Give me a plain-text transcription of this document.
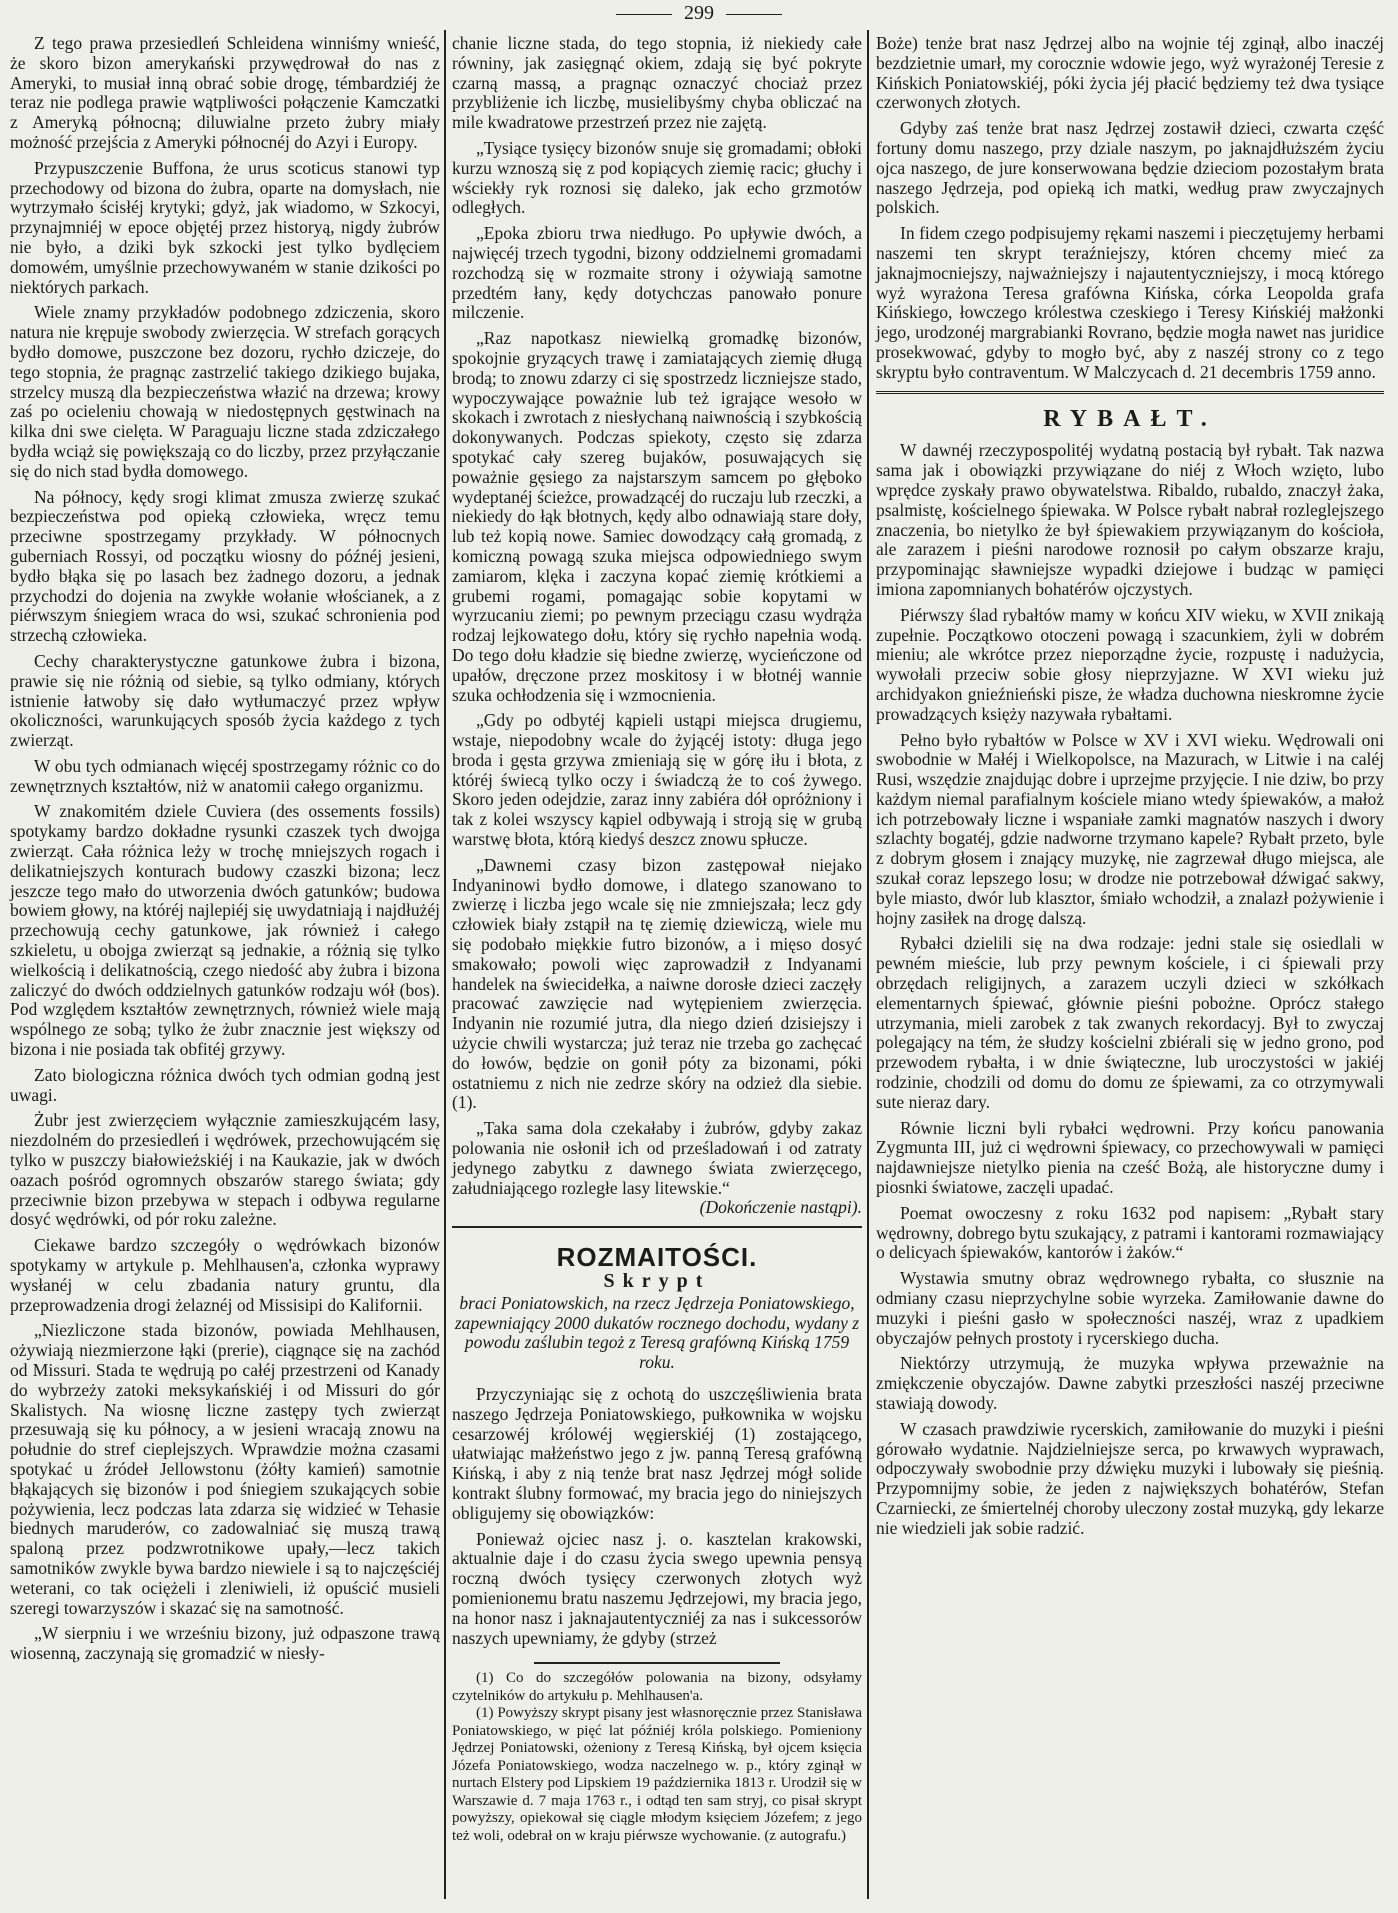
299

Z tego prawa przesiedleń Schleidena winniśmy wnieść, że skoro bizon amerykański przywędrował do nas z Ameryki, to musiał inną obrać sobie drogę, témbardziéj że teraz nie podlega prawie wątpliwości połączenie Kamczatki z Ameryką północną; diluwialne przeto żubry miały możność przejścia z Ameryki północnéj do Azyi i Europy.

Przypuszczenie Buffona, że urus scoticus stanowi typ przechodowy od bizona do żubra, oparte na domysłach, nie wytrzymało ścisłéj krytyki; gdyż, jak wiadomo, w Szkocyi, przynajmniéj w epoce objętéj przez historyą, nigdy żubrów nie było, a dziki byk szkocki jest tylko bydlęciem domowém, umyślnie przechowywaném w stanie dzikości po niektórych parkach.

Wiele znamy przykładów podobnego zdziczenia, skoro natura nie krępuje swobody zwierzęcia. W strefach gorących bydło domowe, puszczone bez dozoru, rychło dziczeje, do tego stopnia, że pragnąc zastrzelić takiego dzikiego bujaka, strzelcy muszą dla bezpieczeństwa włazić na drzewa; krowy zaś po ocieleniu chowają w niedostępnych gęstwinach na kilka dni swe cielęta. W Paraguaju liczne stada zdziczałego bydła wciąż się powiększają co do liczby, przez przyłączanie się do nich stad bydła domowego.

Na północy, kędy srogi klimat zmusza zwierzę szukać bezpieczeństwa pod opieką człowieka, wręcz temu przeciwne spostrzegamy przykłady. W północnych guberniach Rossyi, od początku wiosny do późnéj jesieni, bydło błąka się po lasach bez żadnego dozoru, a jednak przychodzi do dojenia na zwykłe wołanie włościanek, a z piérwszym śniegiem wraca do wsi, szukać schronienia pod strzechą człowieka.

Cechy charakterystyczne gatunkowe żubra i bizona, prawie się nie różnią od siebie, są tylko odmiany, których istnienie łatwoby się dało wytłumaczyć przez wpływ okoliczności, warunkujących sposób życia każdego z tych zwierząt.

W obu tych odmianach więcéj spostrzegamy różnic co do zewnętrznych kształtów, niż w anatomii całego organizmu.

W znakomitém dziele Cuviera (des ossements fossils) spotykamy bardzo dokładne rysunki czaszek tych dwojga zwierząt. Cała różnica leży w trochę mniejszych rogach i delikatniejszych konturach budowy czaszki bizona; lecz jeszcze tego mało do utworzenia dwóch gatunków; budowa bowiem głowy, na któréj najlepiéj się uwydatniają i najdłużéj przechowują cechy gatunkowe, jak również i całego szkieletu, u obojga zwierząt są jednakie, a różnią się tylko wielkością i delikatnością, czego niedość aby żubra i bizona zaliczyć do dwóch oddzielnych gatunków rodzaju wół (bos). Pod względem kształtów zewnętrznych, również wiele mają wspólnego ze sobą; tylko że żubr znacznie jest większy od bizona i nie posiada tak obfitéj grzywy.

Zato biologiczna różnica dwóch tych odmian godną jest uwagi.

Żubr jest zwierzęciem wyłącznie zamieszkującém lasy, niezdolném do przesiedleń i wędrówek, przechowującém się tylko w puszczy białowieżskiéj i na Kaukazie, jak w dwóch oazach pośród ogromnych obszarów starego świata; gdy przeciwnie bizon przebywa w stepach i odbywa regularne dosyć wędrówki, od pór roku zależne.

Ciekawe bardzo szczegóły o wędrówkach bizonów spotykamy w artykule p. Mehlhausen'a, członka wyprawy wysłanéj w celu zbadania natury gruntu, dla przeprowadzenia drogi żelaznéj od Missisipi do Kalifornii.

„Niezliczone stada bizonów, powiada Mehlhausen, ożywiają niezmierzone łąki (prerie), ciągnące się na zachód od Missuri. Stada te wędrują po całéj przestrzeni od Kanady do wybrzeży zatoki meksykańskiéj i od Missuri do gór Skalistych. Na wiosnę liczne zastępy tych zwierząt przesuwają się ku północy, a w jesieni wracają znowu na południe do stref cieplejszych. Wprawdzie można czasami spotykać u źródeł Jellowstonu (żółty kamień) samotnie błąkających się bizonów i pod śniegiem szukających sobie pożywienia, lecz podczas lata zdarza się widzieć w Tehasie biednych maruderów, co zadowalniać się muszą trawą spaloną przez podzwrotnikowe upały,—lecz takich samotników zwykle bywa bardzo niewiele i są to najczęściéj weterani, co tak ociężeli i zleniwieli, iż opuścić musieli szeregi towarzyszów i skazać się na samotność.

„W sierpniu i we wrześniu bizony, już odpaszone trawą wiosenną, zaczynają się gromadzić w niesły-

chanie liczne stada, do tego stopnia, iż niekiedy całe równiny, jak zasięgnąć okiem, zdają się być pokryte czarną massą, a pragnąc oznaczyć chociaż przez przybliżenie ich liczbę, musielibyśmy chyba obliczać na mile kwadratowe przestrzeń przez nie zajętą.

„Tysiące tysięcy bizonów snuje się gromadami; obłoki kurzu wznoszą się z pod kopiących ziemię racic; głuchy i wściekły ryk roznosi się daleko, jak echo grzmotów odległych.

„Epoka zbioru trwa niedługo. Po upływie dwóch, a najwięcéj trzech tygodni, bizony oddzielnemi gromadami rozchodzą się w rozmaite strony i ożywiają samotne przedtém łany, kędy dotychczas panowało ponure milczenie.

„Raz napotkasz niewielką gromadkę bizonów, spokojnie gryzących trawę i zamiatających ziemię długą brodą; to znowu zdarzy ci się spostrzedz liczniejsze stado, wypoczywające poważnie lub też igrające wesoło w skokach i zwrotach z niesłychaną naiwnością i szybkością dokonywanych. Podczas spiekoty, często się zdarza spotykać cały szereg bujaków, posuwających się poważnie gęsiego za najstarszym samcem po głęboko wydeptanéj ścieżce, prowadzącéj do ruczaju lub rzeczki, a niekiedy do łąk błotnych, kędy albo odnawiają stare doły, lub też kopią nowe. Samiec dowodzący całą gromadą, z komiczną powagą szuka miejsca odpowiedniego swym zamiarom, klęka i zaczyna kopać ziemię krótkiemi a grubemi rogami, pomagając sobie kopytami w wyrzucaniu ziemi; po pewnym przeciągu czasu wydrąża rodzaj lejkowatego dołu, który się rychło napełnia wodą. Do tego dołu kładzie się biedne zwierzę, wycieńczone od upałów, dręczone przez moskitosy i w błotnéj wannie szuka ochłodzenia się i wzmocnienia.

„Gdy po odbytéj kąpieli ustąpi miejsca drugiemu, wstaje, niepodobny wcale do żyjącéj istoty: długa jego broda i gęsta grzywa zmieniają się w górę iłu i błota, z któréj świecą tylko oczy i świadczą że to coś żywego. Skoro jeden odejdzie, zaraz inny zabiéra dół opróżniony i tak z kolei wszyscy kąpiel odbywają i stroją się w grubą warstwę błota, którą kiedyś deszcz znowu spłucze.

„Dawnemi czasy bizon zastępował niejako Indyaninowi bydło domowe, i dlatego szanowano to zwierzę i liczba jego wcale się nie zmniejszała; lecz gdy człowiek biały zstąpił na tę ziemię dziewiczą, wiele mu się podobało miękkie futro bizonów, a i mięso dosyć smakowało; powoli więc zaprowadził z Indyanami handelek na świecidełka, a naiwne dorosłe dzieci zaczęły pracować zawzięcie nad wytępieniem zwierzęcia. Indyanin nie rozumié jutra, dla niego dzień dzisiejszy i użycie chwili wystarcza; już teraz nie trzeba go zachęcać do łowów, będzie on gonił póty za bizonami, póki ostatniemu z nich nie zedrze skóry na odzież dla siebie. (1).

„Taka sama dola czekałaby i żubrów, gdyby zakaz polowania nie osłonił ich od prześladowań i od zatraty jedynego zabytku z dawnego świata zwierzęcego, załudniającego rozległe lasy litewskie.“

(Dokończenie nastąpi).
ROZMAITOŚCI.
Skrypt
braci Poniatowskich, na rzecz Jędrzeja Poniatowskiego, zapewniający 2000 dukatów rocznego dochodu, wydany z powodu zaślubin tegoż z Teresą grafówną Kińską 1759 roku.

Przyczyniając się z ochotą do uszczęśliwienia brata naszego Jędrzeja Poniatowskiego, pułkownika w wojsku cesarzowéj królowéj węgierskiéj (1) zostającego, ułatwiając małżeństwo jego z jw. panną Teresą grafówną Kińską, i aby z nią tenże brat nasz Jędrzej mógł solide kontrakt ślubny formować, my bracia jego do niniejszych obligujemy się obowiązków:

Ponieważ ojciec nasz j. o. kasztelan krakowski, aktualnie daje i do czasu życia swego upewnia pensyą roczną dwóch tysięcy czerwonych złotych wyż pomienionemu bratu naszemu Jędrzejowi, my bracia jego, na honor nasz i jaknajautentyczniéj za nas i sukcessorów naszych upewniamy, że gdyby (strzeż

(1) Co do szczegółów polowania na bizony, odsyłamy czytelników do artykułu p. Mehlhausen'a.

(1) Powyższy skrypt pisany jest własnoręcznie przez Stanisława Poniatowskiego, w pięć lat późniéj króla polskiego. Pomieniony Jędrzej Poniatowski, ożeniony z Teresą Kińską, był ojcem księcia Józefa Poniatowskiego, wodza naczelnego w. p., który zginął w nurtach Elstery pod Lipskiem 19 października 1813 r. Urodził się w Warszawie d. 7 maja 1763 r., i odtąd ten sam stryj, co pisał skrypt powyższy, opiekował się ciągle młodym księciem Józefem; z jego też woli, odebrał on w kraju piérwsze wychowanie. (z autografu.)

Boże) tenże brat nasz Jędrzej albo na wojnie téj zginął, albo inaczéj bezdzietnie umarł, my corocznie wdowie jego, wyż wyrażonéj Teresie z Kińskich Poniatowskiéj, póki życia jéj płacić będziemy też dwa tysiące czerwonych złotych.

Gdyby zaś tenże brat nasz Jędrzej zostawił dzieci, czwarta część fortuny domu naszego, przy dziale naszym, po jaknajdłuższém życiu ojca naszego, de jure konserwowana będzie dzieciom pozostałym brata naszego Jędrzeja, pod opieką ich matki, według praw zwyczajnych polskich.

In fidem czego podpisujemy rękami naszemi i pieczętujemy herbami naszemi ten skrypt teraźniejszy, któren chcemy mieć za jaknajmocniejszy, najważniejszy i najautentyczniejszy, i mocą którego wyż wyrażona Teresa grafówna Kińska, córka Leopolda grafa Kińskiego, łowczego królestwa czeskiego i Teresy Kińskiéj małżonki jego, urodzonéj margrabianki Rovrano, będzie mogła nawet nas juridice prosekwować, gdyby to mogło być, aby z naszéj strony co z tego skryptu było contraventum. W Malczycach d. 21 decembris 1759 anno.

RYBAŁT.

W dawnéj rzeczypospolitéj wydatną postacią był rybałt. Tak nazwa sama jak i obowiązki przywiązane do niéj z Włoch wzięto, lubo wprędce zyskały prawo obywatelstwa. Ribaldo, rubaldo, znaczył żaka, psalmistę, kościelnego śpiewaka. W Polsce rybałt nabrał rozleglejszego znaczenia, bo nietylko że był śpiewakiem przywiązanym do kościoła, ale zarazem i pieśni narodowe roznosił po całym obszarze kraju, przypominając sławniejsze wypadki dziejowe i budząc w pamięci imiona zapomnianych bohatérów ojczystych.

Piérwszy ślad rybałtów mamy w końcu XIV wieku, w XVII znikają zupełnie. Początkowo otoczeni powagą i szacunkiem, żyli w dobrém mieniu; ale wkrótce przez nieporządne życie, rozpustę i nadużycia, wywołali przeciw sobie głosy nieprzyjazne. W XVI wieku już archidyakon gnieźnieński pisze, że władza duchowna nieskromne życie prowadzących księży nazywała rybałtami.

Pełno było rybałtów w Polsce w XV i XVI wieku. Wędrowali oni swobodnie w Małéj i Wielkopolsce, na Mazurach, w Litwie i na caléj Rusi, wszędzie znajdując dobre i uprzejme przyjęcie. I nie dziw, bo przy każdym niemal parafialnym kościele miano wtedy śpiewaków, a małoż ich potrzebowały liczne i wspaniałe zamki magnatów naszych i dwory szlachty bogatéj, gdzie nadworne trzymano kapele? Rybałt przeto, byle z dobrym głosem i znający muzykę, nie zagrzewał długo miejsca, ale szukał coraz lepszego losu; w drodze nie potrzebował dźwigać sakwy, byle miasto, dwór lub klasztor, śmiało wchodził, a znalazł pożywienie i hojny zasiłek na drogę dalszą.

Rybałci dzielili się na dwa rodzaje: jedni stale się osiedlali w pewném mieście, lub przy pewnym kościele, i ci śpiewali przy obrzędach religijnych, a zarazem uczyli dzieci w szkółkach elementarnych śpiewać, głównie pieśni pobożne. Oprócz stałego utrzymania, mieli zarobek z tak zwanych rekordacyj. Był to zwyczaj polegający na tém, że słudzy kościelni zbiérali się w jedno grono, pod przewodem rybałta, i w dnie świąteczne, lub uroczystości w jakiéj rodzinie, chodzili od domu do domu ze śpiewami, za co otrzymywali sute nieraz dary.

Równie liczni byli rybałci wędrowni. Przy końcu panowania Zygmunta III, już ci wędrowni śpiewacy, co przechowywali w pamięci najdawniejsze nietylko pienia na cześć Bożą, ale historyczne dumy i piosnki światowe, zaczęli upadać.

Poemat owoczesny z roku 1632 pod napisem: „Rybałt stary wędrowny, dobrego bytu szukający, z patrami i kantorami rozmawiający o delicyach śpiewaków, kantorów i żaków.“

Wystawia smutny obraz wędrownego rybałta, co słusznie na odmiany czasu nieprzychylne sobie wyrzeka. Zamiłowanie dawne do muzyki i pieśni gasło w społeczności naszéj, wraz z upadkiem obyczajów pełnych prostoty i rycerskiego ducha.

Niektórzy utrzymują, że muzyka wpływa przeważnie na zmiękczenie obyczajów. Dawne zabytki przeszłości naszéj przeciwne stawiają dowody.

W czasach prawdziwie rycerskich, zamiłowanie do muzyki i pieśni górowało wydatnie. Najdzielniejsze serca, po krwawych wyprawach, odpoczywały swobodnie przy dźwięku muzyki i lubowały się pieśnią. Przypomnijmy sobie, że jeden z największych bohatérów, Stefan Czarniecki, ze śmiertelnéj choroby uleczony został muzyką, gdy lekarze nie wiedzieli jak sobie radzić.
